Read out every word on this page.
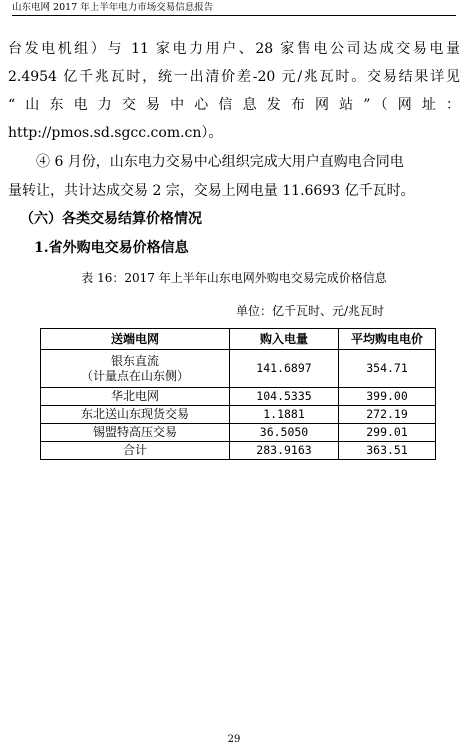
山东电网 2017 年上半年电力市场交易信息报告
台发电机组）与 11 家电力用户、28 家售电公司达成交易电量
2.4954 亿千兆瓦时，统一出清价差-20 元/兆瓦时。交易结果详见
“山东电力交易中心信息发布网站”（网址：
http://pmos.sd.sgcc.com.cn）。
④ 6 月份，山东电力交易中心组织完成大用户直购电合同电
量转让，共计达成交易 2 宗，交易上网电量 11.6693 亿千瓦时。
（六）各类交易结算价格情况
1.省外购电交易价格信息
表 16：2017 年上半年山东电网外购电交易完成价格信息
单位：亿千瓦时、元/兆瓦时
送端电网	购入电量	平均购电电价

银东直流
（计量点在山东侧）	141.6897	354.71
华北电网	104.5335	399.00
东北送山东现货交易	1.1881	272.19
锡盟特高压交易	36.5050	299.01
合计	283.9163	363.51
29
